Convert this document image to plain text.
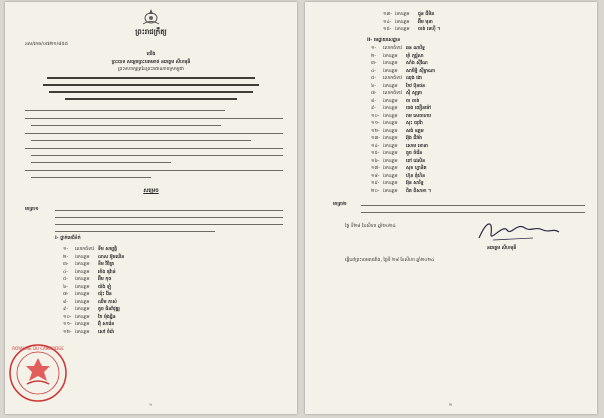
ព្រះរាជក្រឹត្យ
នស/រកត/០៧២១/៨៥៥
យើង
ព្រះបាទ សម្តេចព្រះបរមនាថ នរោត្តម សីហមុនី
ព្រះមហាក្សត្រនៃព្រះរាជាណាចក្រកម្ពុជា
សម្រេច
មាត្រា១
I- ថ្នាក់មេដ៏ខំក់
១- លោកជំទាវ ទីម សម្បត្តិ
២- ឯកឧត្តម លាស អ៊ូមឈិន
៣- ឯកឧត្តម ខឹម វិចិត្រ
៤- ឯកឧត្តម អាំង ឌុវ៉ាន់
៥- ឯកឧត្តម អ៊ឹម កុច
៦- ឯកឧត្តម យ៉ង់ ឡុំ
៧- ឯកឧត្តម យ៉ុះ រ៉ែន
៨- ឯកឧត្តម ឈឹម ភាស់
៩- ឯកឧត្តម តូច ធិនវ៉ាវុឌ្ឍ
១០- ឯកឧត្តម កែ ម៉ុងធ្វិន
១១- ឯកឧត្តម អ៊ុំ សារ៉េន
១២- ឯកឧត្តម សៅ ចំរ៉ោ
ROYAUME DU CAMBODGE
១
១៣- ឯកឧត្តម ជួន ជីមិន
១៤- ឯកឧត្តម អ៊ឹម មុនា
១៥- ឯកឧត្តម ចាត់ ទេហ៊ី ។
II- មេដ្ឋាយសេដ្ឋាន
១- លោកជំទាវ ឆន ណារិទ្ធ
២- ឯកឧត្តម ម៉ាំ ភុ្យរ៉ូសា
៣- ឯកឧត្តម សាំង ស៊ីណែ
៤- ឯកឧត្តម សាមិទ្ធិ ស៊ីម្ភាណា
៥- លោកជំទាវ ឈុង ងោ
៦- ឯកឧត្តម កែវ ប៊ុនថន
៧- លោកជំទាវ ស៊ី សូត្រា
៨- ឯកឧត្តម ចា ចាត់
៩- ឯកឧត្តម ចេង យឿនម៉ៅ
១០- ឯកឧត្តម រាម សេចាហារ
១១- ឯកឧត្តម សុះ យុវរ៉ា
១២- ឯកឧត្តម សង់ ឧត្តម
១៣- ឯកឧត្តម អ៊ុង ជីវម៉ា
១៤- ឯកឧត្តម សោម ខោនា
១៥- ឯកឧត្តម គួច ចំរើន
១៦- ឯកឧត្តម ពៅ ដេសិន
១៧- ឯកឧត្តម សុខ ហ្វានិត
១៨- ឯកឧត្តម ហ៊ុន គុំហិន
១៩- ឯកឧត្តម អ៊ុន សារិទ្ធ
២០- ឯកឧត្តម ពិត ពិសាខា ។
មាត្រា២
ថ្ងៃ ទី២៨ ខែសីហា ឆ្នាំ២០២៤
នរោត្តម សីហមុនី
ធ្វើនៅព្រះបរមរាជវាំង, ថ្ងៃទី ២៨ ខែសីហា ឆ្នាំ២០២៤
២
